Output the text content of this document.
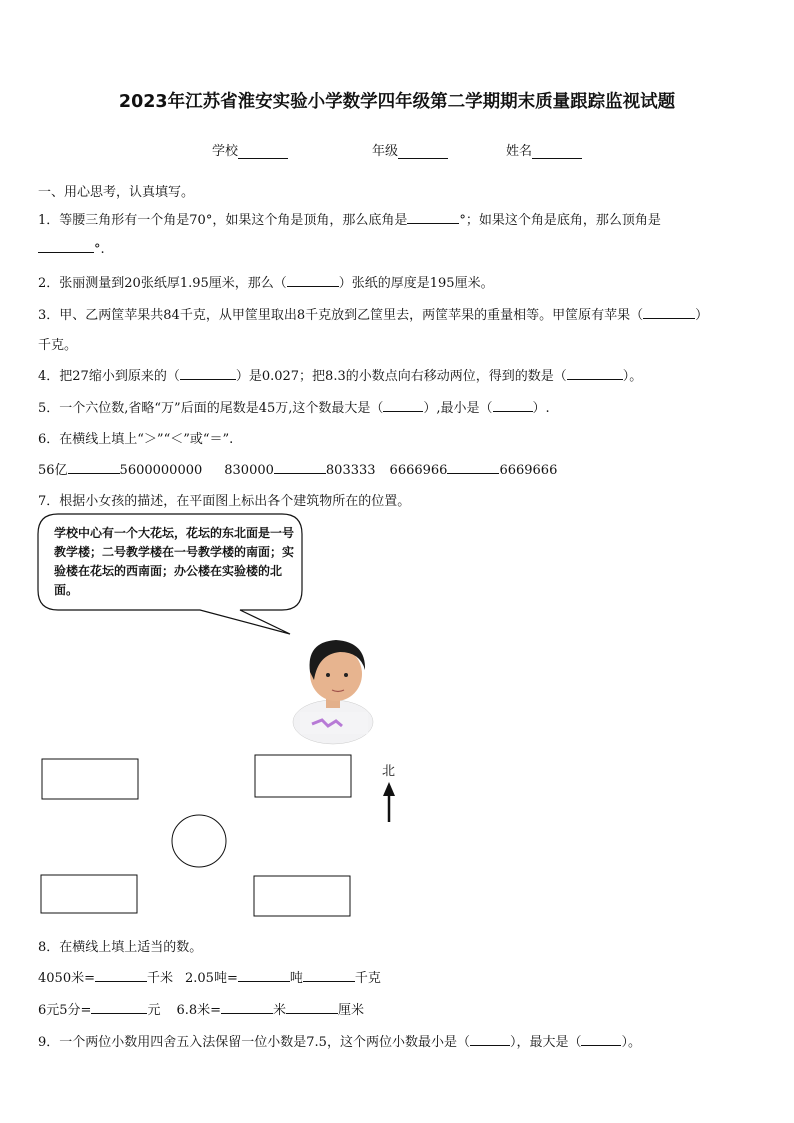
2023年江苏省淮安实验小学数学四年级第二学期期末质量跟踪监视试题
学校	年级	姓名
一、用心思考，认真填写。
1．等腰三角形有一个角是70°，如果这个角是顶角，那么底角是	°；如果这个角是底角，那么顶角是
°.
2．张丽测量到20张纸厚1.95厘米，那么（	）张纸的厚度是195厘米。
3．甲、乙两筐苹果共84千克，从甲筐里取出8千克放到乙筐里去，两筐苹果的重量相等。甲筐原有苹果（	）
千克。
4．把27缩小到原来的（	）是0.027；把8.3的小数点向右移动两位，得到的数是（	）。
5．一个六位数,省略“万”后面的尾数是45万,这个数最大是（	）,最小是（	）.
6．在横线上填上“＞”“＜”或“＝”.
56亿	5600000000 830000	803333 6666966	6669666
7．根据小女孩的描述，在平面图上标出各个建筑物所在的位置。
学校中心有一个大花坛，花坛的东北面是一号教学楼；二号教学楼在一号教学楼的南面；实验楼在花坛的西南面；办公楼在实验楼的北面。
北
8．在横线上填上适当的数。
4050米=	千米 2.05吨=	吨	千克
6元5分=	元 6.8米=	米	厘米
9．一个两位小数用四舍五入法保留一位小数是7.5，这个两位小数最小是（	），最大是（	）。
